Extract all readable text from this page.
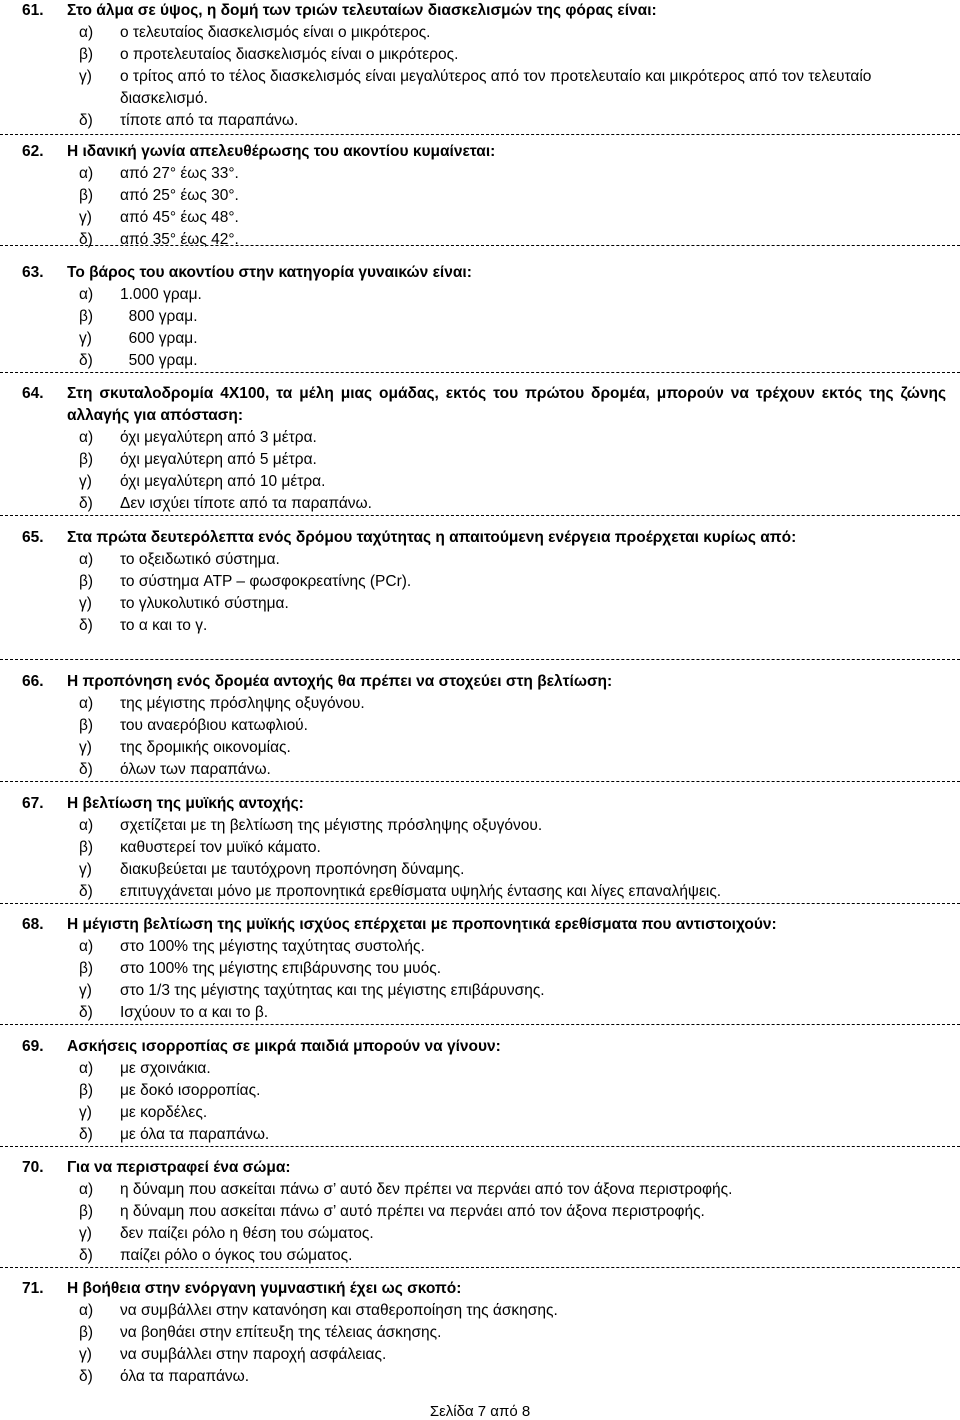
61. Στο άλμα σε ύψος, η δομή των τριών τελευταίων διασκελισμών της φόρας είναι:
α) ο τελευταίος διασκελισμός είναι ο μικρότερος.
β) ο προτελευταίος διασκελισμός είναι ο μικρότερος.
γ) ο τρίτος από το τέλος διασκελισμός είναι μεγαλύτερος από τον προτελευταίο και μικρότερος από τον τελευταίο διασκελισμό.
δ) τίποτε από τα παραπάνω.
62. Η ιδανική γωνία απελευθέρωσης του ακοντίου κυμαίνεται:
α) από 27° έως 33°.
β) από 25° έως 30°.
γ) από 45° έως 48°.
δ) από 35° έως 42°.
63. Το βάρος του ακοντίου στην κατηγορία γυναικών είναι:
α) 1.000 γραμ.
β) 800 γραμ.
γ) 600 γραμ.
δ) 500 γραμ.
64. Στη σκυταλοδρομία 4Χ100, τα μέλη μιας ομάδας, εκτός του πρώτου δρομέα, μπορούν να τρέχουν εκτός της ζώνης αλλαγής για απόσταση:
α) όχι μεγαλύτερη από 3 μέτρα.
β) όχι μεγαλύτερη από 5 μέτρα.
γ) όχι μεγαλύτερη από 10 μέτρα.
δ) Δεν ισχύει τίποτε από τα παραπάνω.
65. Στα πρώτα δευτερόλεπτα ενός δρόμου ταχύτητας η απαιτούμενη ενέργεια προέρχεται κυρίως από:
α) το οξειδωτικό σύστημα.
β) το σύστημα ATP – φωσφοκρεατίνης (PCr).
γ) το γλυκολυτικό σύστημα.
δ) το α και το γ.
66. Η προπόνηση ενός δρομέα αντοχής θα πρέπει να στοχεύει στη βελτίωση:
α) της μέγιστης πρόσληψης οξυγόνου.
β) του αναερόβιου κατωφλιού.
γ) της δρομικής οικονομίας.
δ) όλων των παραπάνω.
67. Η βελτίωση της μυϊκής αντοχής:
α) σχετίζεται με τη βελτίωση της μέγιστης πρόσληψης οξυγόνου.
β) καθυστερεί τον μυϊκό κάματο.
γ) διακυβεύεται με ταυτόχρονη προπόνηση δύναμης.
δ) επιτυγχάνεται μόνο με προπονητικά ερεθίσματα υψηλής έντασης και λίγες επαναλήψεις.
68. Η μέγιστη βελτίωση της μυϊκής ισχύος επέρχεται με προπονητικά ερεθίσματα που αντιστοιχούν:
α) στο 100% της μέγιστης ταχύτητας συστολής.
β) στο 100% της μέγιστης επιβάρυνσης του μυός.
γ) στο 1/3 της μέγιστης ταχύτητας και της μέγιστης επιβάρυνσης.
δ) Ισχύουν το α και το β.
69. Ασκήσεις ισορροπίας σε μικρά παιδιά μπορούν να γίνουν:
α) με σχοινάκια.
β) με δοκό ισορροπίας.
γ) με κορδέλες.
δ) με όλα τα παραπάνω.
70. Για να περιστραφεί ένα σώμα:
α) η δύναμη που ασκείται πάνω σ’ αυτό δεν πρέπει να περνάει από τον άξονα περιστροφής.
β) η δύναμη που ασκείται πάνω σ’ αυτό πρέπει να περνάει από τον άξονα περιστροφής.
γ) δεν παίζει ρόλο η θέση του σώματος.
δ) παίζει ρόλο ο όγκος του σώματος.
71. Η βοήθεια στην ενόργανη γυμναστική έχει ως σκοπό:
α) να συμβάλλει στην κατανόηση και σταθεροποίηση της άσκησης.
β) να βοηθάει στην επίτευξη της τέλειας άσκησης.
γ) να συμβάλλει στην παροχή ασφάλειας.
δ) όλα τα παραπάνω.
Σελίδα 7 από 8
